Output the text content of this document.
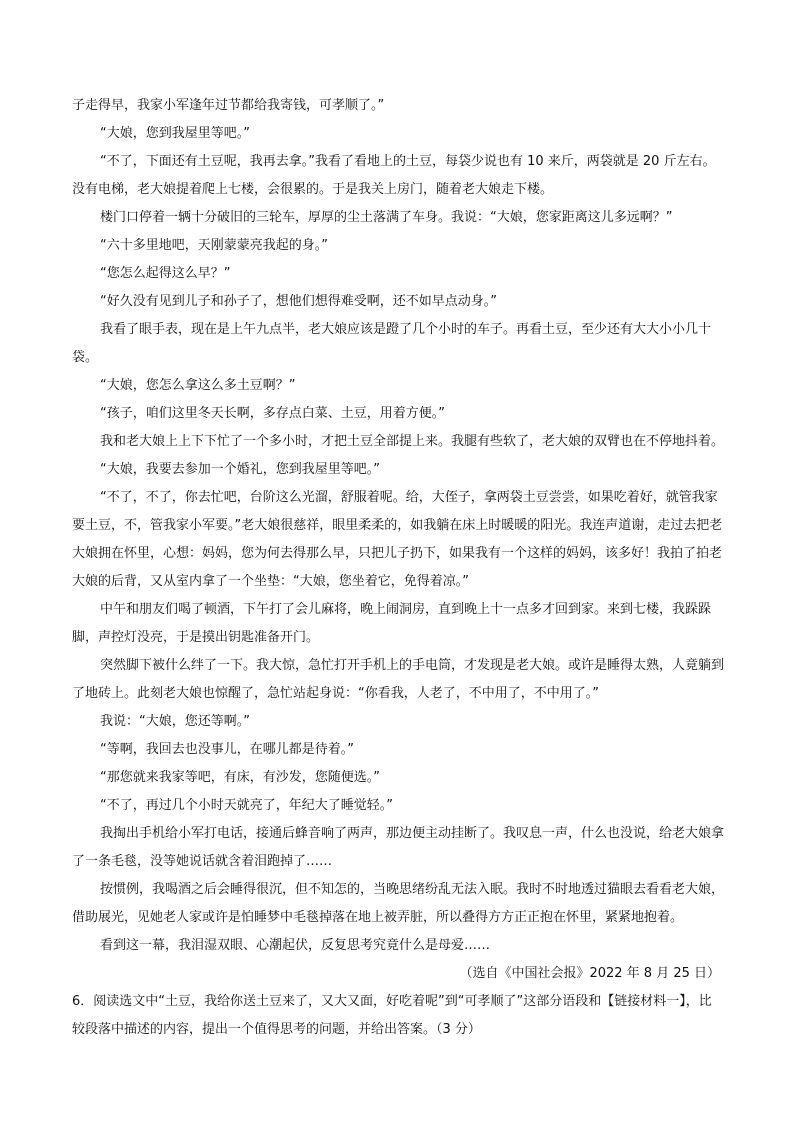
子走得早，我家小军逢年过节都给我寄钱，可孝顺了。”

“大娘，您到我屋里等吧。”

“不了，下面还有土豆呢，我再去拿。”我看了看地上的土豆，每袋少说也有 10 来斤，两袋就是 20 斤左右。没有电梯，老大娘提着爬上七楼，会很累的。于是我关上房门，随着老大娘走下楼。

楼门口停着一辆十分破旧的三轮车，厚厚的尘土落满了车身。我说：“大娘，您家距离这儿多远啊？”

“六十多里地吧，天刚蒙蒙亮我起的身。”

“您怎么起得这么早？”

“好久没有见到儿子和孙子了，想他们想得难受啊，还不如早点动身。”

我看了眼手表，现在是上午九点半，老大娘应该是蹬了几个小时的车子。再看土豆，至少还有大大小小几十袋。

“大娘，您怎么拿这么多土豆啊？”

“孩子，咱们这里冬天长啊，多存点白菜、土豆，用着方便。”

我和老大娘上上下下忙了一个多小时，才把土豆全部提上来。我腿有些软了，老大娘的双臂也在不停地抖着。

“大娘，我要去参加一个婚礼，您到我屋里等吧。”

“不了，不了，你去忙吧，台阶这么光溜，舒服着呢。给，大侄子，拿两袋土豆尝尝，如果吃着好，就管我家要土豆，不，管我家小军要。”老大娘很慈祥，眼里柔柔的，如我躺在床上时暖暖的阳光。我连声道谢，走过去把老大娘拥在怀里，心想：妈妈，您为何去得那么早，只把儿子扔下，如果我有一个这样的妈妈，该多好！我拍了拍老大娘的后背，又从室内拿了一个坐垫：“大娘，您坐着它，免得着凉。”

中午和朋友们喝了顿酒，下午打了会儿麻将，晚上闹洞房，直到晚上十一点多才回到家。来到七楼，我跺跺脚，声控灯没亮，于是摸出钥匙准备开门。

突然脚下被什么绊了一下。我大惊，急忙打开手机上的手电筒，才发现是老大娘。或许是睡得太熟，人竟躺到了地砖上。此刻老大娘也惊醒了，急忙站起身说：“你看我，人老了，不中用了，不中用了。”

我说：“大娘，您还等啊。”

“等啊，我回去也没事儿，在哪儿都是待着。”

“那您就来我家等吧，有床，有沙发，您随便选。”

“不了，再过几个小时天就亮了，年纪大了睡觉轻。”

我掏出手机给小军打电话，接通后蜂音响了两声，那边便主动挂断了。我叹息一声，什么也没说，给老大娘拿了一条毛毯，没等她说话就含着泪跑掉了……

按惯例，我喝酒之后会睡得很沉，但不知怎的，当晚思绪纷乱无法入眠。我时不时地透过猫眼去看看老大娘，借助展光，见她老人家或许是怕睡梦中毛毯掉落在地上被弄脏，所以叠得方方正正抱在怀里，紧紧地抱着。

看到这一幕，我泪湿双眼、心潮起伏，反复思考究竟什么是母爱……

（选自《中国社会报》2022 年 8 月 25 日）

6．阅读选文中“土豆，我给你送土豆来了，又大又面，好吃着呢”到“可孝顺了”这部分语段和【链接材料一】，比较段落中描述的内容，提出一个值得思考的问题，并给出答案。（3 分）
